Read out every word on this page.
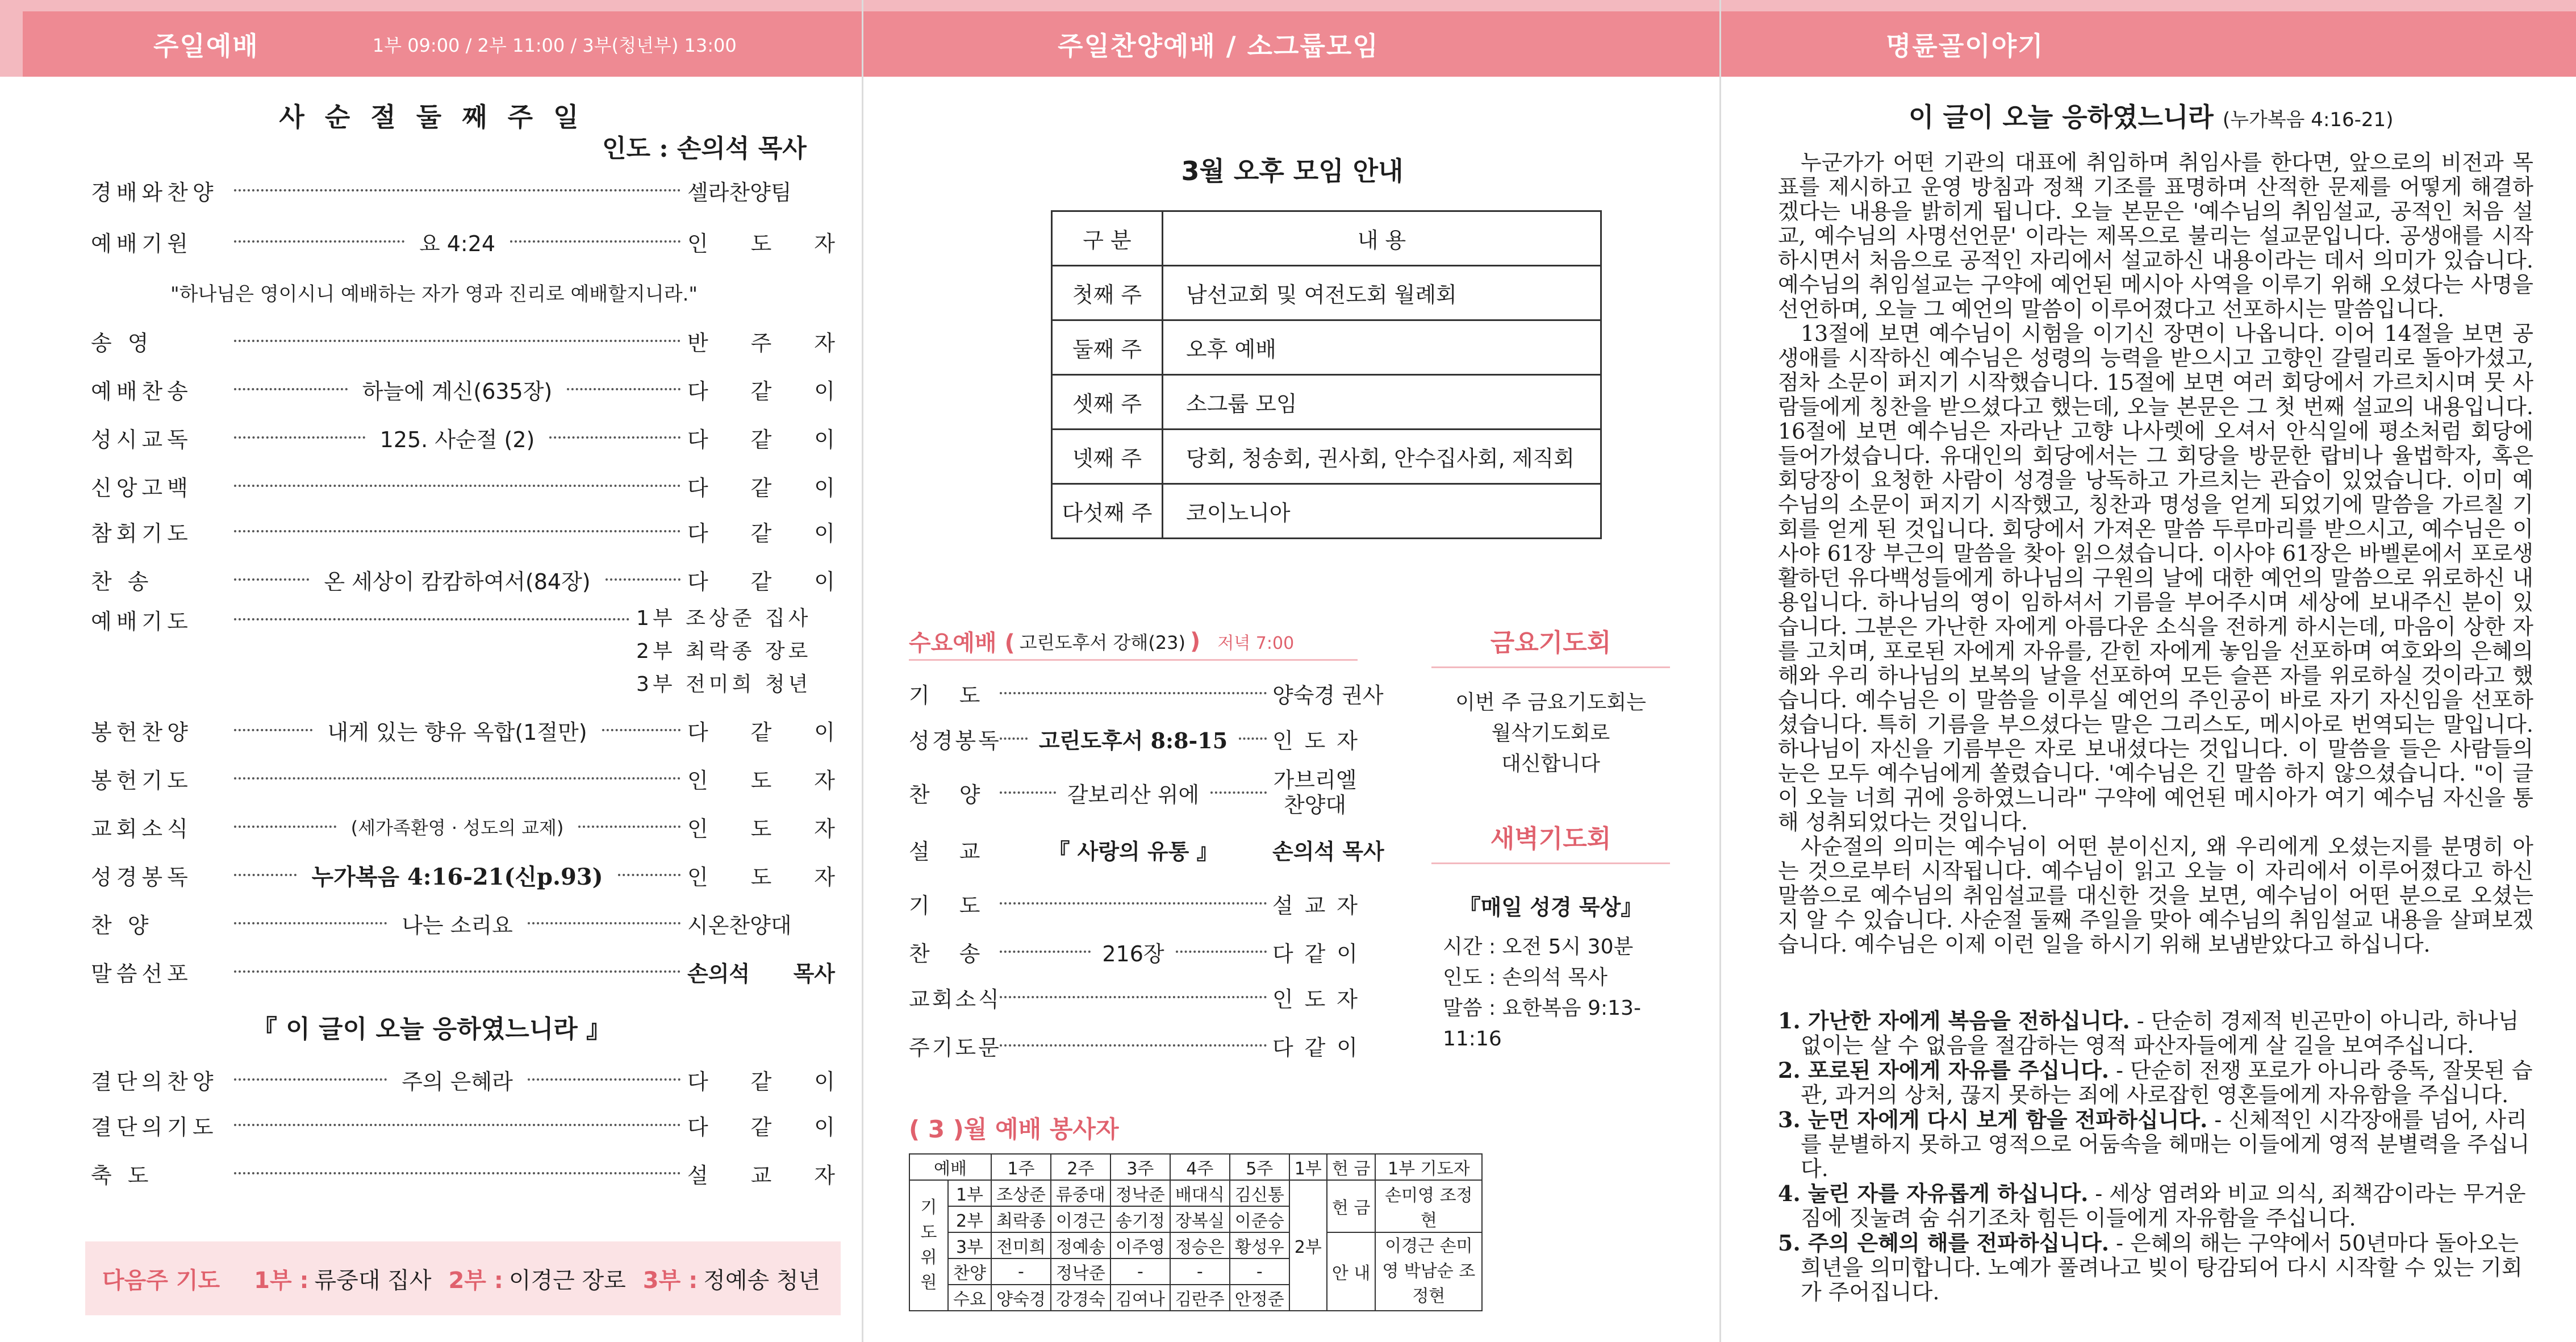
주일예배	1부 09:00 / 2부 11:00 / 3부(청년부) 13:00
사 순 절 둘 째 주 일
인도 : 손의석 목사
경배와찬양	셀라찬양팀
예배기원	요 4:24	인 도 자
"하나님은 영이시니 예배하는 자가 영과 진리로 예배할지니라."
송 영	반 주 자
예배찬송	하늘에 계신(635장)	다 같 이
성시교독	125. 사순절 (2)	다 같 이
신앙고백	다 같 이
참회기도	다 같 이
찬 송	온 세상이 캄캄하여서(84장)	다 같 이
예배기도	1부 조상준 집사
2부 최락종 장로
3부 전미희 청년
봉헌찬양	내게 있는 향유 옥합(1절만)	다 같 이
봉헌기도	인 도 자
교회소식	(세가족환영 · 성도의 교제)	인 도 자
성경봉독	누가복음 4:16-21(신p.93)	인 도 자
찬 양	나는 소리요	시온찬양대
말씀선포	손의석 목사
『 이 글이 오늘 응하였느니라 』
결단의찬양	주의 은혜라	다 같 이
결단의기도	다 같 이
축 도	설 교 자
다음주 기도 1부 : 류중대 집사 2부 : 이경근 장로 3부 : 정예송 청년
주일찬양예배 / 소그룹모임
3월 오후 모임 안내
구 분	내 용
첫째 주	남선교회 및 여전도회 월례회
둘째 주	오후 예배
셋째 주	소그룹 모임
넷째 주	당회, 청송회, 권사회, 안수집사회, 제직회
다섯째 주	코이노니아
수요예배 ( 고린도후서 강해(23) ) 저녁 7:00
기 도	양숙경 권사
성경봉독 고린도후서 8:8-15 인 도 자
찬 양	갈보리산 위에
가브리엘 찬양대
설 교	『 사랑의 유통 』	손의석 목사
기 도	설 교 자
찬 송	216장	다 같 이
교회소식	인 도 자
주기도문	다 같 이
금요기도회
이번 주 금요기도회는
월삭기도회로
대신합니다
새벽기도회
『매일 성경 묵상』
시간 : 오전 5시 30분
인도 : 손의석 목사
말씀 : 요한복음 9:13-11:16
( 3 )월 예배 봉사자
예배		1주	2주	3주	4주	5주	1부	헌 금	1부 기도자
기도 위원	1부	조상준	류중대	정낙준	배대식	김신통	2부	헌 금	손미영 조정현
	2부	최락종	이경근	송기정	장복실	이준승			
	3부	전미희	정예송	이주영	정승은	황성우		안 내	이경근 손미영 박남순 조정현
	찬양	-	정낙준	-	-	-			
	수요	양숙경	강경숙	김여나	김란주	안정준			
명륜골이야기
이 글이 오늘 응하였느니라 (누가복음 4:16-21)

누군가가 어떤 기관의 대표에 취임하며 취임사를 한다면, 앞으로의 비전과 목표를 제시하고 운영 방침과 정책 기조를 표명하며 산적한 문제를 어떻게 해결하겠다는 내용을 밝히게 됩니다. 오늘 본문은 '예수님의 취임설교, 공적인 처음 설교, 예수님의 사명선언문' 이라는 제목으로 불리는 설교문입니다. 공생애를 시작하시면서 처음으로 공적인 자리에서 설교하신 내용이라는 데서 의미가 있습니다. 예수님의 취임설교는 구약에 예언된 메시아 사역을 이루기 위해 오셨다는 사명을 선언하며, 오늘 그 예언의 말씀이 이루어졌다고 선포하시는 말씀입니다.

13절에 보면 예수님이 시험을 이기신 장면이 나옵니다. 이어 14절을 보면 공생애를 시작하신 예수님은 성령의 능력을 받으시고 고향인 갈릴리로 돌아가셨고, 점차 소문이 퍼지기 시작했습니다. 15절에 보면 여러 회당에서 가르치시며 뭇 사람들에게 칭찬을 받으셨다고 했는데, 오늘 본문은 그 첫 번째 설교의 내용입니다. 16절에 보면 예수님은 자라난 고향 나사렛에 오셔서 안식일에 평소처럼 회당에 들어가셨습니다. 유대인의 회당에서는 그 회당을 방문한 랍비나 율법학자, 혹은 회당장이 요청한 사람이 성경을 낭독하고 가르치는 관습이 있었습니다. 이미 예수님의 소문이 퍼지기 시작했고, 칭찬과 명성을 얻게 되었기에 말씀을 가르칠 기회를 얻게 된 것입니다. 회당에서 가져온 말씀 두루마리를 받으시고, 예수님은 이사야 61장 부근의 말씀을 찾아 읽으셨습니다. 이사야 61장은 바벨론에서 포로생활하던 유다백성들에게 하나님의 구원의 날에 대한 예언의 말씀으로 위로하신 내용입니다. 하나님의 영이 임하셔서 기름을 부어주시며 세상에 보내주신 분이 있습니다. 그분은 가난한 자에게 아름다운 소식을 전하게 하시는데, 마음이 상한 자를 고치며, 포로된 자에게 자유를, 갇힌 자에게 놓임을 선포하며 여호와의 은혜의 해와 우리 하나님의 보복의 날을 선포하여 모든 슬픈 자를 위로하실 것이라고 했습니다. 예수님은 이 말씀을 이루실 예언의 주인공이 바로 자기 자신임을 선포하셨습니다. 특히 기름을 부으셨다는 말은 그리스도, 메시아로 번역되는 말입니다. 하나님이 자신을 기름부은 자로 보내셨다는 것입니다. 이 말씀을 들은 사람들의 눈은 모두 예수님에게 쏠렸습니다. '예수님은 긴 말씀 하지 않으셨습니다. "이 글이 오늘 너희 귀에 응하였느니라" 구약에 예언된 메시아가 여기 예수님 자신을 통해 성취되었다는 것입니다.

사순절의 의미는 예수님이 어떤 분이신지, 왜 우리에게 오셨는지를 분명히 아는 것으로부터 시작됩니다. 예수님이 읽고 오늘 이 자리에서 이루어졌다고 하신 말씀으로 예수님의 취임설교를 대신한 것을 보면, 예수님이 어떤 분으로 오셨는지 알 수 있습니다. 사순절 둘째 주일을 맞아 예수님의 취임설교 내용을 살펴보겠습니다. 예수님은 이제 이런 일을 하시기 위해 보냄받았다고 하십니다.

1. 가난한 자에게 복음을 전하십니다. - 단순히 경제적 빈곤만이 아니라, 하나님 없이는 살 수 없음을 절감하는 영적 파산자들에게 살 길을 보여주십니다.

2. 포로된 자에게 자유를 주십니다. - 단순히 전쟁 포로가 아니라 중독, 잘못된 습관, 과거의 상처, 끊지 못하는 죄에 사로잡힌 영혼들에게 자유함을 주십니다.

3. 눈먼 자에게 다시 보게 함을 전파하십니다. - 신체적인 시각장애를 넘어, 사리를 분별하지 못하고 영적으로 어둠속을 헤매는 이들에게 영적 분별력을 주십니다.

4. 눌린 자를 자유롭게 하십니다. - 세상 염려와 비교 의식, 죄책감이라는 무거운 짐에 짓눌려 숨 쉬기조차 힘든 이들에게 자유함을 주십니다.

5. 주의 은혜의 해를 전파하십니다. - 은혜의 해는 구약에서 50년마다 돌아오는 희년을 의미합니다. 노예가 풀려나고 빚이 탕감되어 다시 시작할 수 있는 기회가 주어집니다.
